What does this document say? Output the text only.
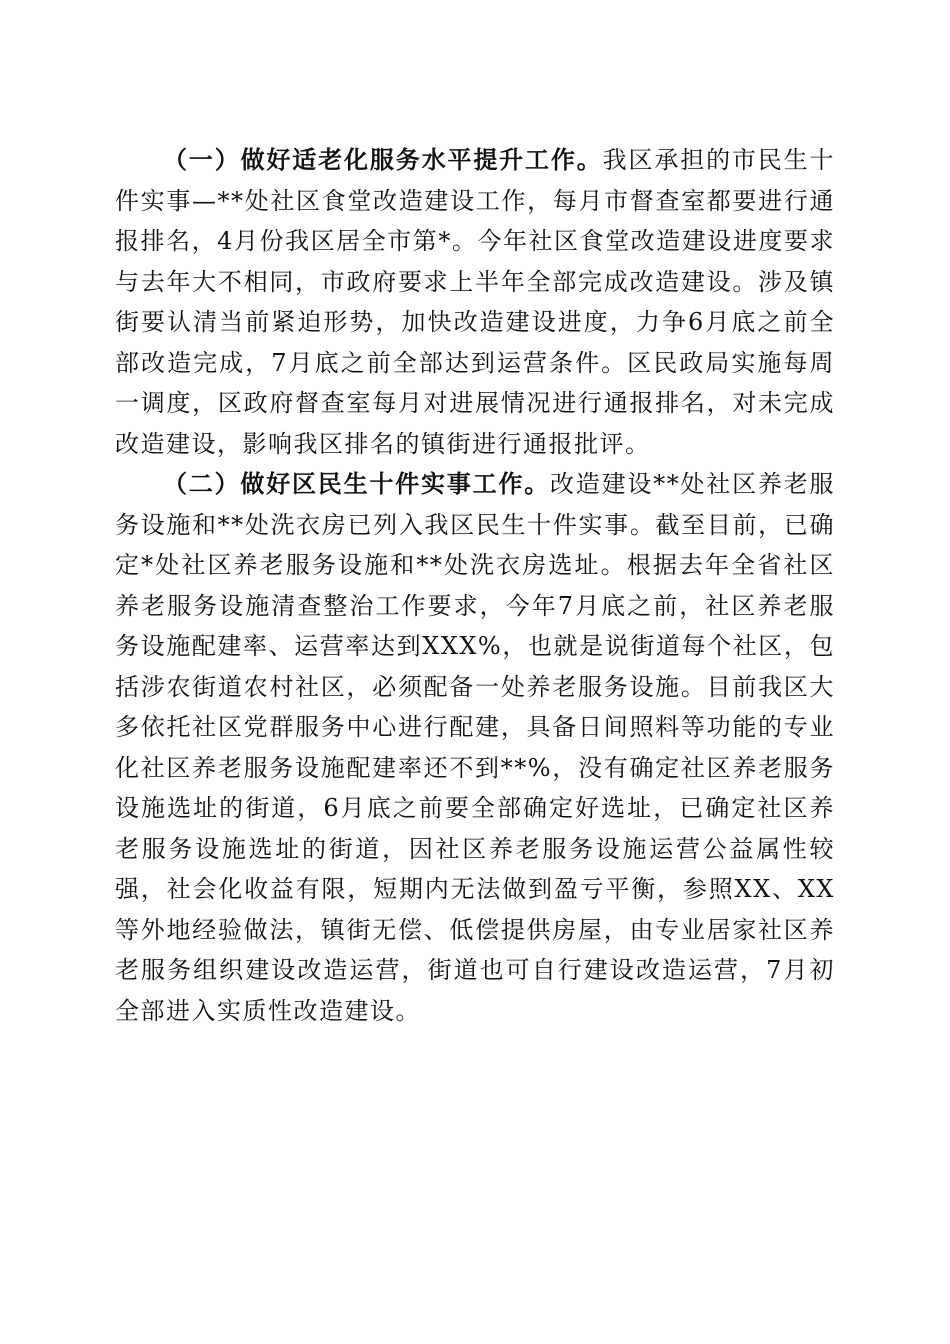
（一）做好适老化服务水平提升工作。我区承担的市民生十件实事—**处社区食堂改造建设工作，每月市督查室都要进行通报排名，4月份我区居全市第*。今年社区食堂改造建设进度要求与去年大不相同，市政府要求上半年全部完成改造建设。涉及镇街要认清当前紧迫形势，加快改造建设进度，力争6月底之前全部改造完成，7月底之前全部达到运营条件。区民政局实施每周一调度，区政府督查室每月对进展情况进行通报排名，对未完成改造建设，影响我区排名的镇街进行通报批评。

（二）做好区民生十件实事工作。改造建设**处社区养老服务设施和**处洗衣房已列入我区民生十件实事。截至目前，已确定*处社区养老服务设施和**处洗衣房选址。根据去年全省社区养老服务设施清查整治工作要求，今年7月底之前，社区养老服务设施配建率、运营率达到XXX%，也就是说街道每个社区，包括涉农街道农村社区，必须配备一处养老服务设施。目前我区大多依托社区党群服务中心进行配建，具备日间照料等功能的专业化社区养老服务设施配建率还不到**%，没有确定社区养老服务设施选址的街道，6月底之前要全部确定好选址，已确定社区养老服务设施选址的街道，因社区养老服务设施运营公益属性较强，社会化收益有限，短期内无法做到盈亏平衡，参照XX、XX等外地经验做法，镇街无偿、低偿提供房屋，由专业居家社区养老服务组织建设改造运营，街道也可自行建设改造运营，7月初全部进入实质性改造建设。
